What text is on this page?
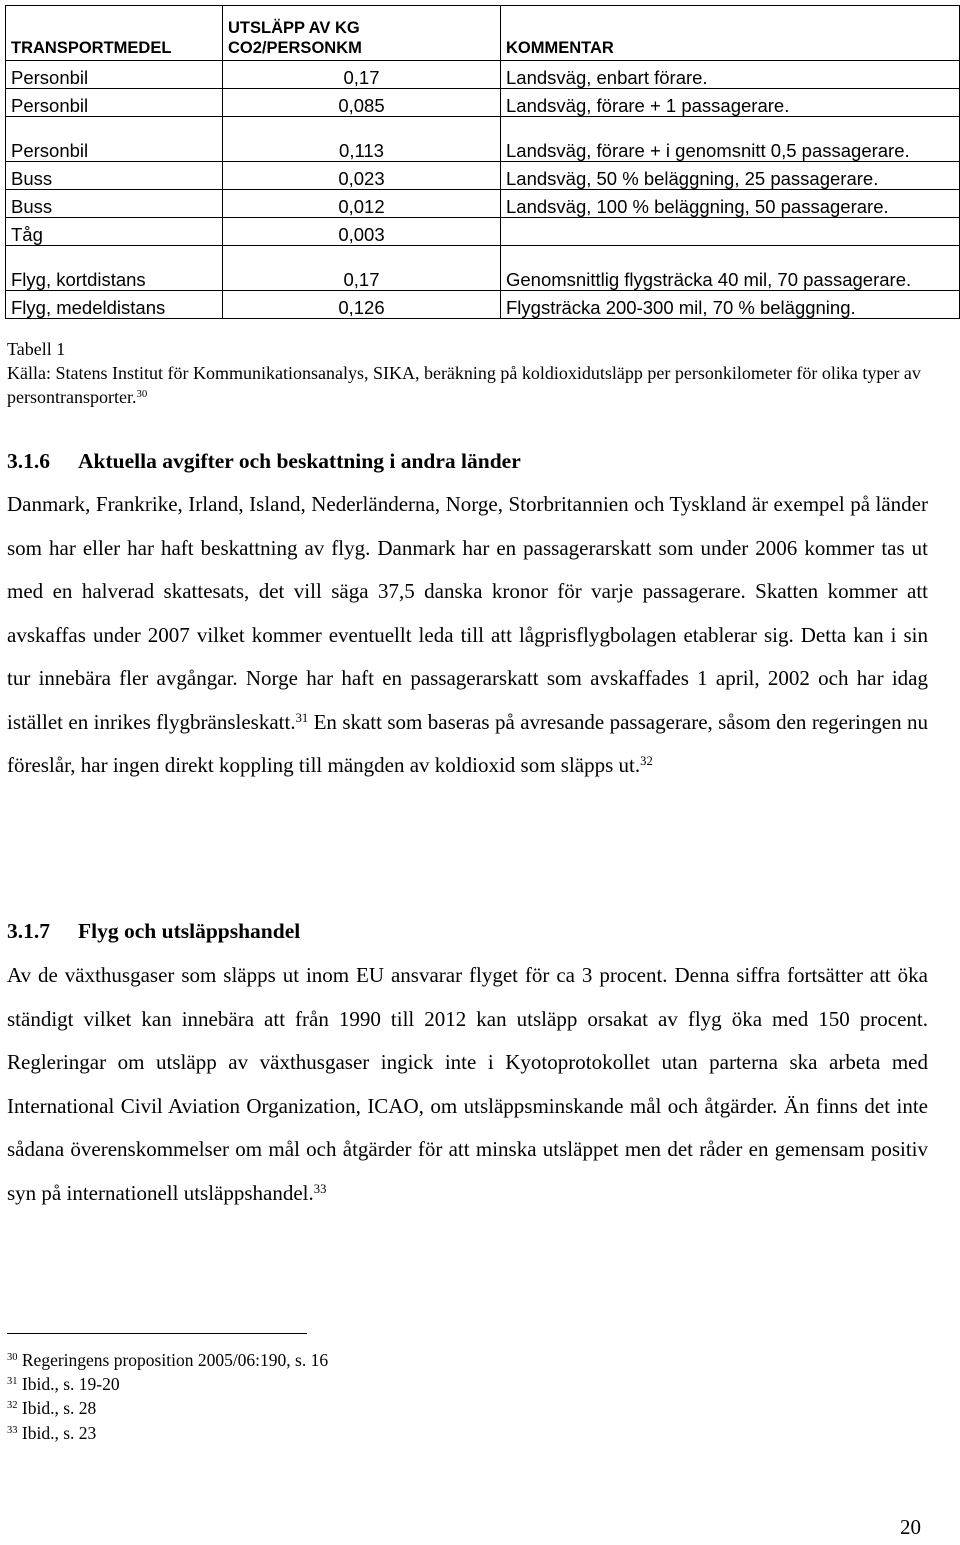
TRANSPORTMEDEL	UTSLÄPP AV KG CO2/PERSONKM	KOMMENTAR
Personbil	0,17	Landsväg, enbart förare.
Personbil	0,085	Landsväg, förare + 1 passagerare.
Personbil	0,113	Landsväg, förare + i genomsnitt 0,5 passagerare.
Buss	0,023	Landsväg, 50 % beläggning, 25 passagerare.
Buss	0,012	Landsväg, 100 % beläggning, 50 passagerare.
Tåg	0,003	
Flyg, kortdistans	0,17	Genomsnittlig flygsträcka 40 mil, 70 passagerare.
Flyg, medeldistans	0,126	Flygsträcka 200-300 mil, 70 % beläggning.

Tabell 1

Källa: Statens Institut för Kommunikationsanalys, SIKA, beräkning på koldioxidutsläpp per personkilometer för olika typer av persontransporter.$^{30}$

3.1.6 Aktuella avgifter och beskattning i andra länder

Danmark, Frankrike, Irland, Island, Nederländerna, Norge, Storbritannien och Tyskland är exempel på länder som har eller har haft beskattning av flyg. Danmark har en passagerarskatt som under 2006 kommer tas ut med en halverad skattesats, det vill säga 37,5 danska kronor för varje passagerare. Skatten kommer att avskaffas under 2007 vilket kommer eventuellt leda till att lågprisflygbolagen etablerar sig. Detta kan i sin tur innebära fler avgångar. Norge har haft en passagerarskatt som avskaffades 1 april, 2002 och har idag istället en inrikes flygbränsleskatt.$^{31}$ En skatt som baseras på avresande passagerare, såsom den regeringen nu föreslår, har ingen direkt koppling till mängden av koldioxid som släpps ut.$^{32}$

3.1.7 Flyg och utsläppshandel

Av de växthusgaser som släpps ut inom EU ansvarar flyget för ca 3 procent. Denna siffra fortsätter att öka ständigt vilket kan innebära att från 1990 till 2012 kan utsläpp orsakat av flyg öka med 150 procent. Regleringar om utsläpp av växthusgaser ingick inte i Kyotoprotokollet utan parterna ska arbeta med International Civil Aviation Organization, ICAO, om utsläppsminskande mål och åtgärder. Än finns det inte sådana överenskommelser om mål och åtgärder för att minska utsläppet men det råder en gemensam positiv syn på internationell utsläppshandel.$^{33}$

$^{30}$ Regeringens proposition 2005/06:190, s. 16
$^{31}$ Ibid., s. 19-20
$^{32}$ Ibid., s. 28
$^{33}$ Ibid., s. 23
20
